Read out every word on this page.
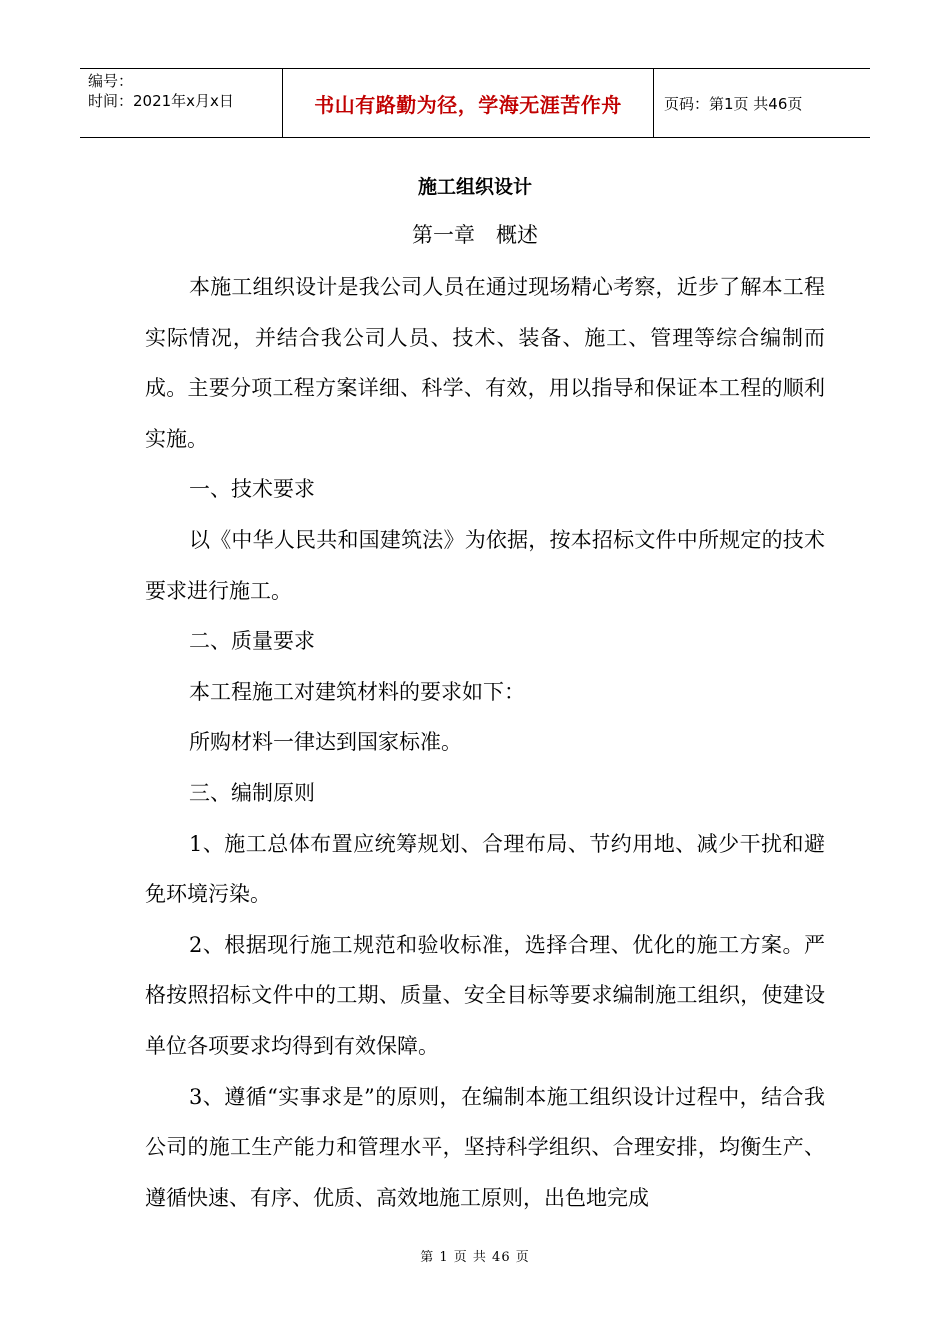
编号：
时间：2021年x月x日	书山有路勤为径，学海无涯苦作舟	页码：第1页 共46页
施工组织设计
第一章　概述

本施工组织设计是我公司人员在通过现场精心考察，近步了解本工程实际情况，并结合我公司人员、技术、装备、施工、管理等综合编制而成。主要分项工程方案详细、科学、有效，用以指导和保证本工程的顺利实施。

一、技术要求

以《中华人民共和国建筑法》为依据，按本招标文件中所规定的技术要求进行施工。

二、质量要求

本工程施工对建筑材料的要求如下：

所购材料一律达到国家标准。

三、编制原则

1、施工总体布置应统筹规划、合理布局、节约用地、减少干扰和避免环境污染。

2、根据现行施工规范和验收标准，选择合理、优化的施工方案。严格按照招标文件中的工期、质量、安全目标等要求编制施工组织，使建设单位各项要求均得到有效保障。

3、遵循“实事求是”的原则，在编制本施工组织设计过程中，结合我公司的施工生产能力和管理水平，坚持科学组织、合理安排，均衡生产、遵循快速、有序、优质、高效地施工原则，出色地完成

第 1 页 共 46 页
